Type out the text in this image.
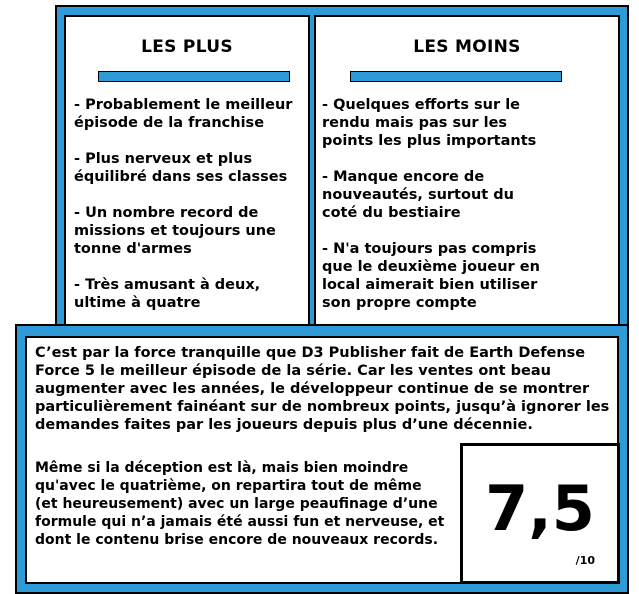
LES PLUS
- Probablement le meilleur épisode de la franchise
- Plus nerveux et plus équilibré dans ses classes
- Un nombre record de missions et toujours une tonne d'armes
- Très amusant à deux, ultime à quatre
LES MOINS
- Quelques efforts sur le rendu mais pas sur les points les plus importants
- Manque encore de nouveautés, surtout du coté du bestiaire
- N'a toujours pas compris que le deuxième joueur en local aimerait bien utiliser son propre compte

C’est par la force tranquille que D3 Publisher fait de Earth Defense Force 5 le meilleur épisode de la série. Car les ventes ont beau augmenter avec les années, le développeur continue de se montrer particulièrement fainéant sur de nombreux points, jusqu’à ignorer les demandes faites par les joueurs depuis plus d’une décennie.

Même si la déception est là, mais bien moindre qu'avec le quatrième, on repartira tout de même (et heureusement) avec un large peaufinage d’une formule qui n’a jamais été aussi fun et nerveuse, et dont le contenu brise encore de nouveaux records. 7,5
/10
